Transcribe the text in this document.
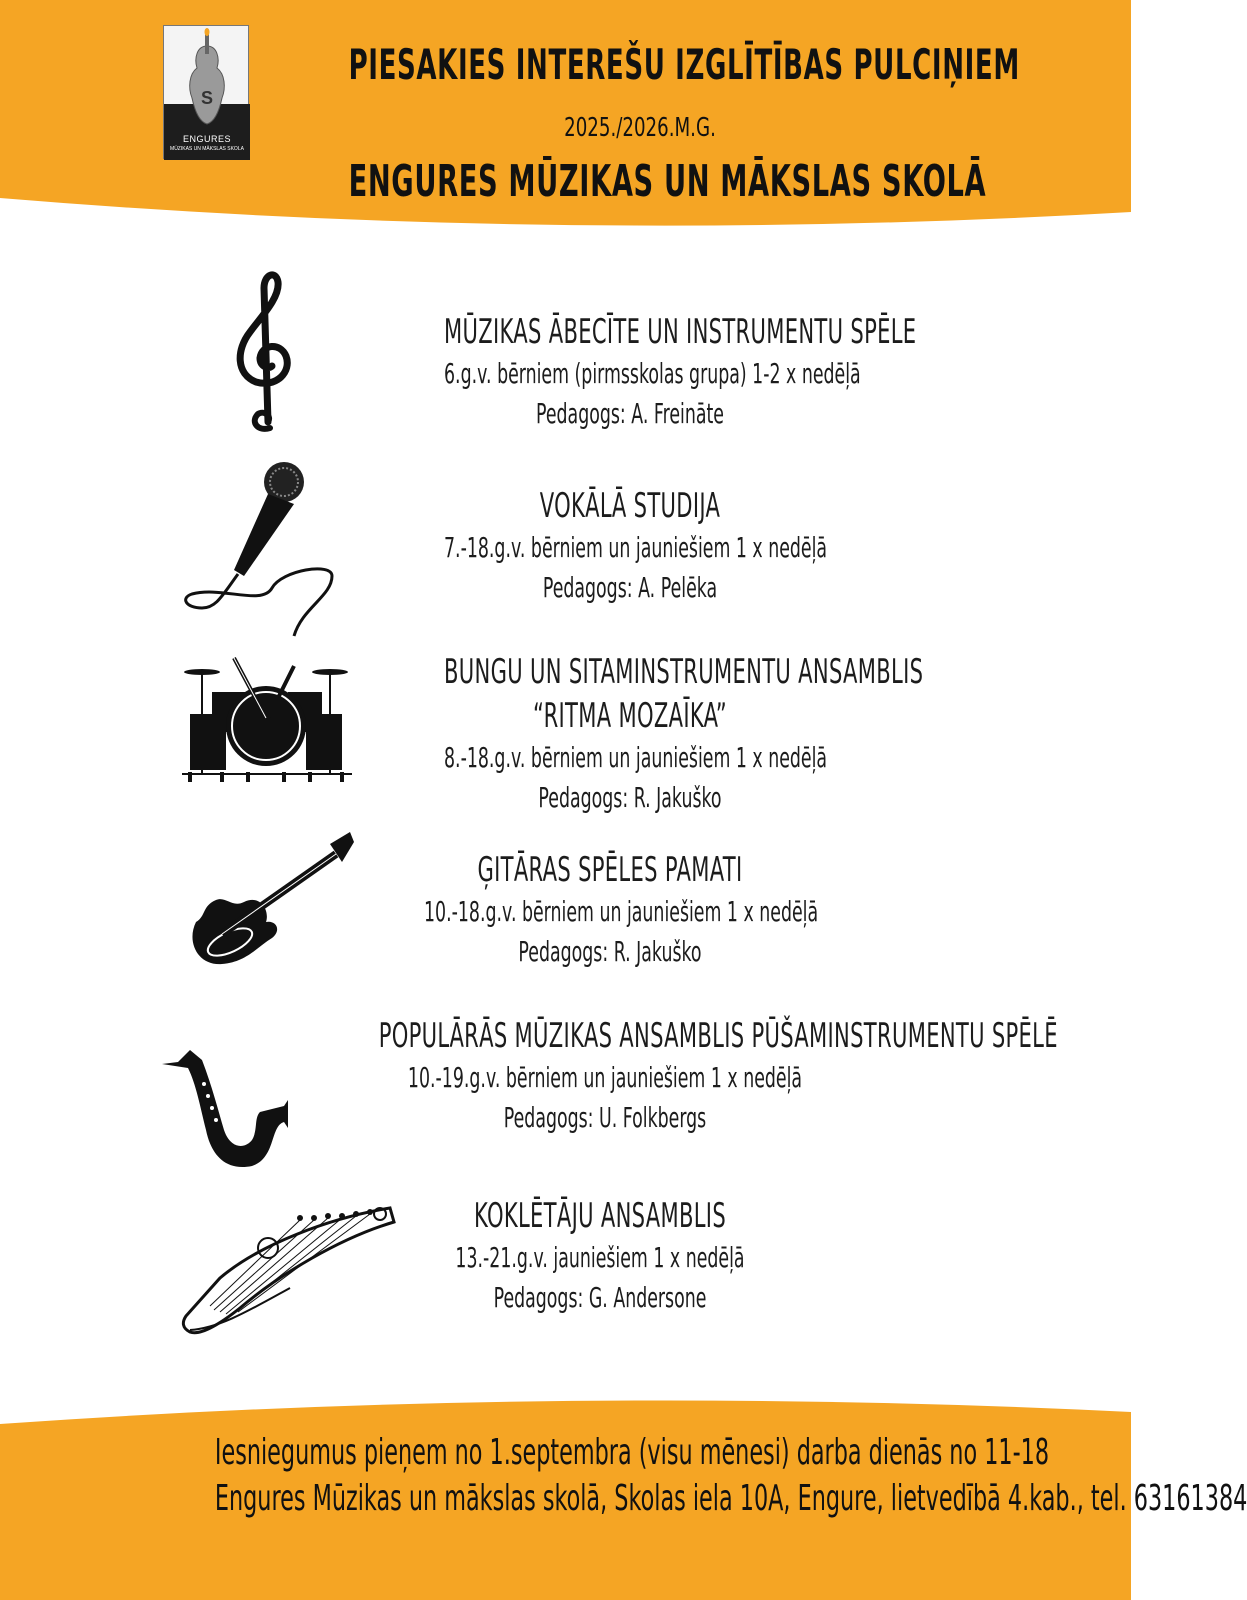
S
ENGURES
MŪZIKAS UN MĀKSLAS SKOLA
PIESAKIES INTEREŠU IZGLĪTĪBAS PULCIŅIEM
2025./2026.M.G.
ENGURES MŪZIKAS UN MĀKSLAS SKOLĀ
MŪZIKAS ĀBECĪTE UN INSTRUMENTU SPĒLE
6.g.v. bērniem (pirmsskolas grupa) 1-2 x nedēļā
Pedagogs: A. Freināte
VOKĀLĀ STUDIJA
7.-18.g.v. bērniem un jauniešiem 1 x nedēļā
Pedagogs: A. Pelēka
BUNGU UN SITAMINSTRUMENTU ANSAMBLIS
“RITMA MOZAĪKA”
8.-18.g.v. bērniem un jauniešiem 1 x nedēļā
Pedagogs: R. Jakuško
ĢITĀRAS SPĒLES PAMATI
10.-18.g.v. bērniem un jauniešiem 1 x nedēļā
Pedagogs: R. Jakuško
POPULĀRĀS MŪZIKAS ANSAMBLIS PŪŠAMINSTRUMENTU SPĒLĒ
10.-19.g.v. bērniem un jauniešiem 1 x nedēļā
Pedagogs: U. Folkbergs
KOKLĒTĀJU ANSAMBLIS
13.-21.g.v. jauniešiem 1 x nedēļā
Pedagogs: G. Andersone
Iesniegumus pieņem no 1.septembra (visu mēnesi) darba dienās no 11-18
Engures Mūzikas un mākslas skolā, Skolas iela 10A, Engure, lietvedībā 4.kab., tel. 63161384
